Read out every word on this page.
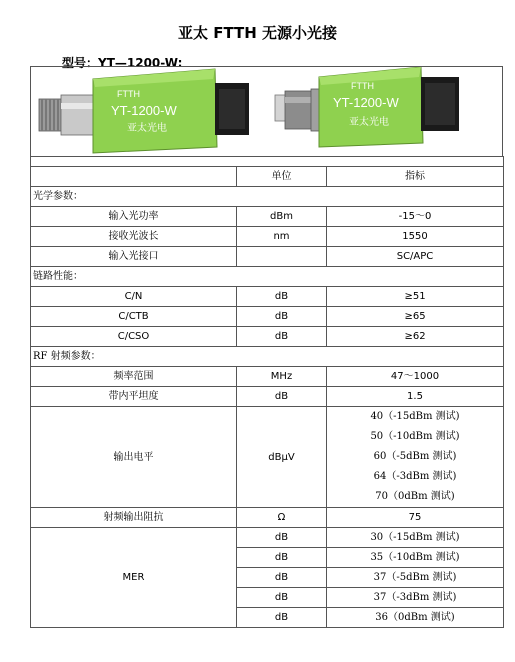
亚太 FTTH 无源小光接
型号：YT—1200-W:
FTTH
YT-1200-W
亚太光电
FTTH
YT-1200-W
亚太光电

	单位	指标
光学参数：		
输入光功率	dBm	-15～0
接收光波长	nm	1550
输入光接口		SC/APC
链路性能：		
C/N	dB	≥51
C/CTB	dB	≥65
C/CSO	dB	≥62
RF 射频参数：		
频率范围	MHz	47～1000
带内平坦度	dB	1.5
输出电平	dBμV	40（-15dBm 测试)
50（-10dBm 测试)
60（-5dBm 测试)
64（-3dBm 测试)
70（0dBm 测试)

射频输出阻抗	Ω	75
MER	dB	30（-15dBm 测试)
	dB	35（-10dBm 测试)
	dB	37（-5dBm 测试)
	dB	37（-3dBm 测试)
	dB	36（0dBm 测试)
